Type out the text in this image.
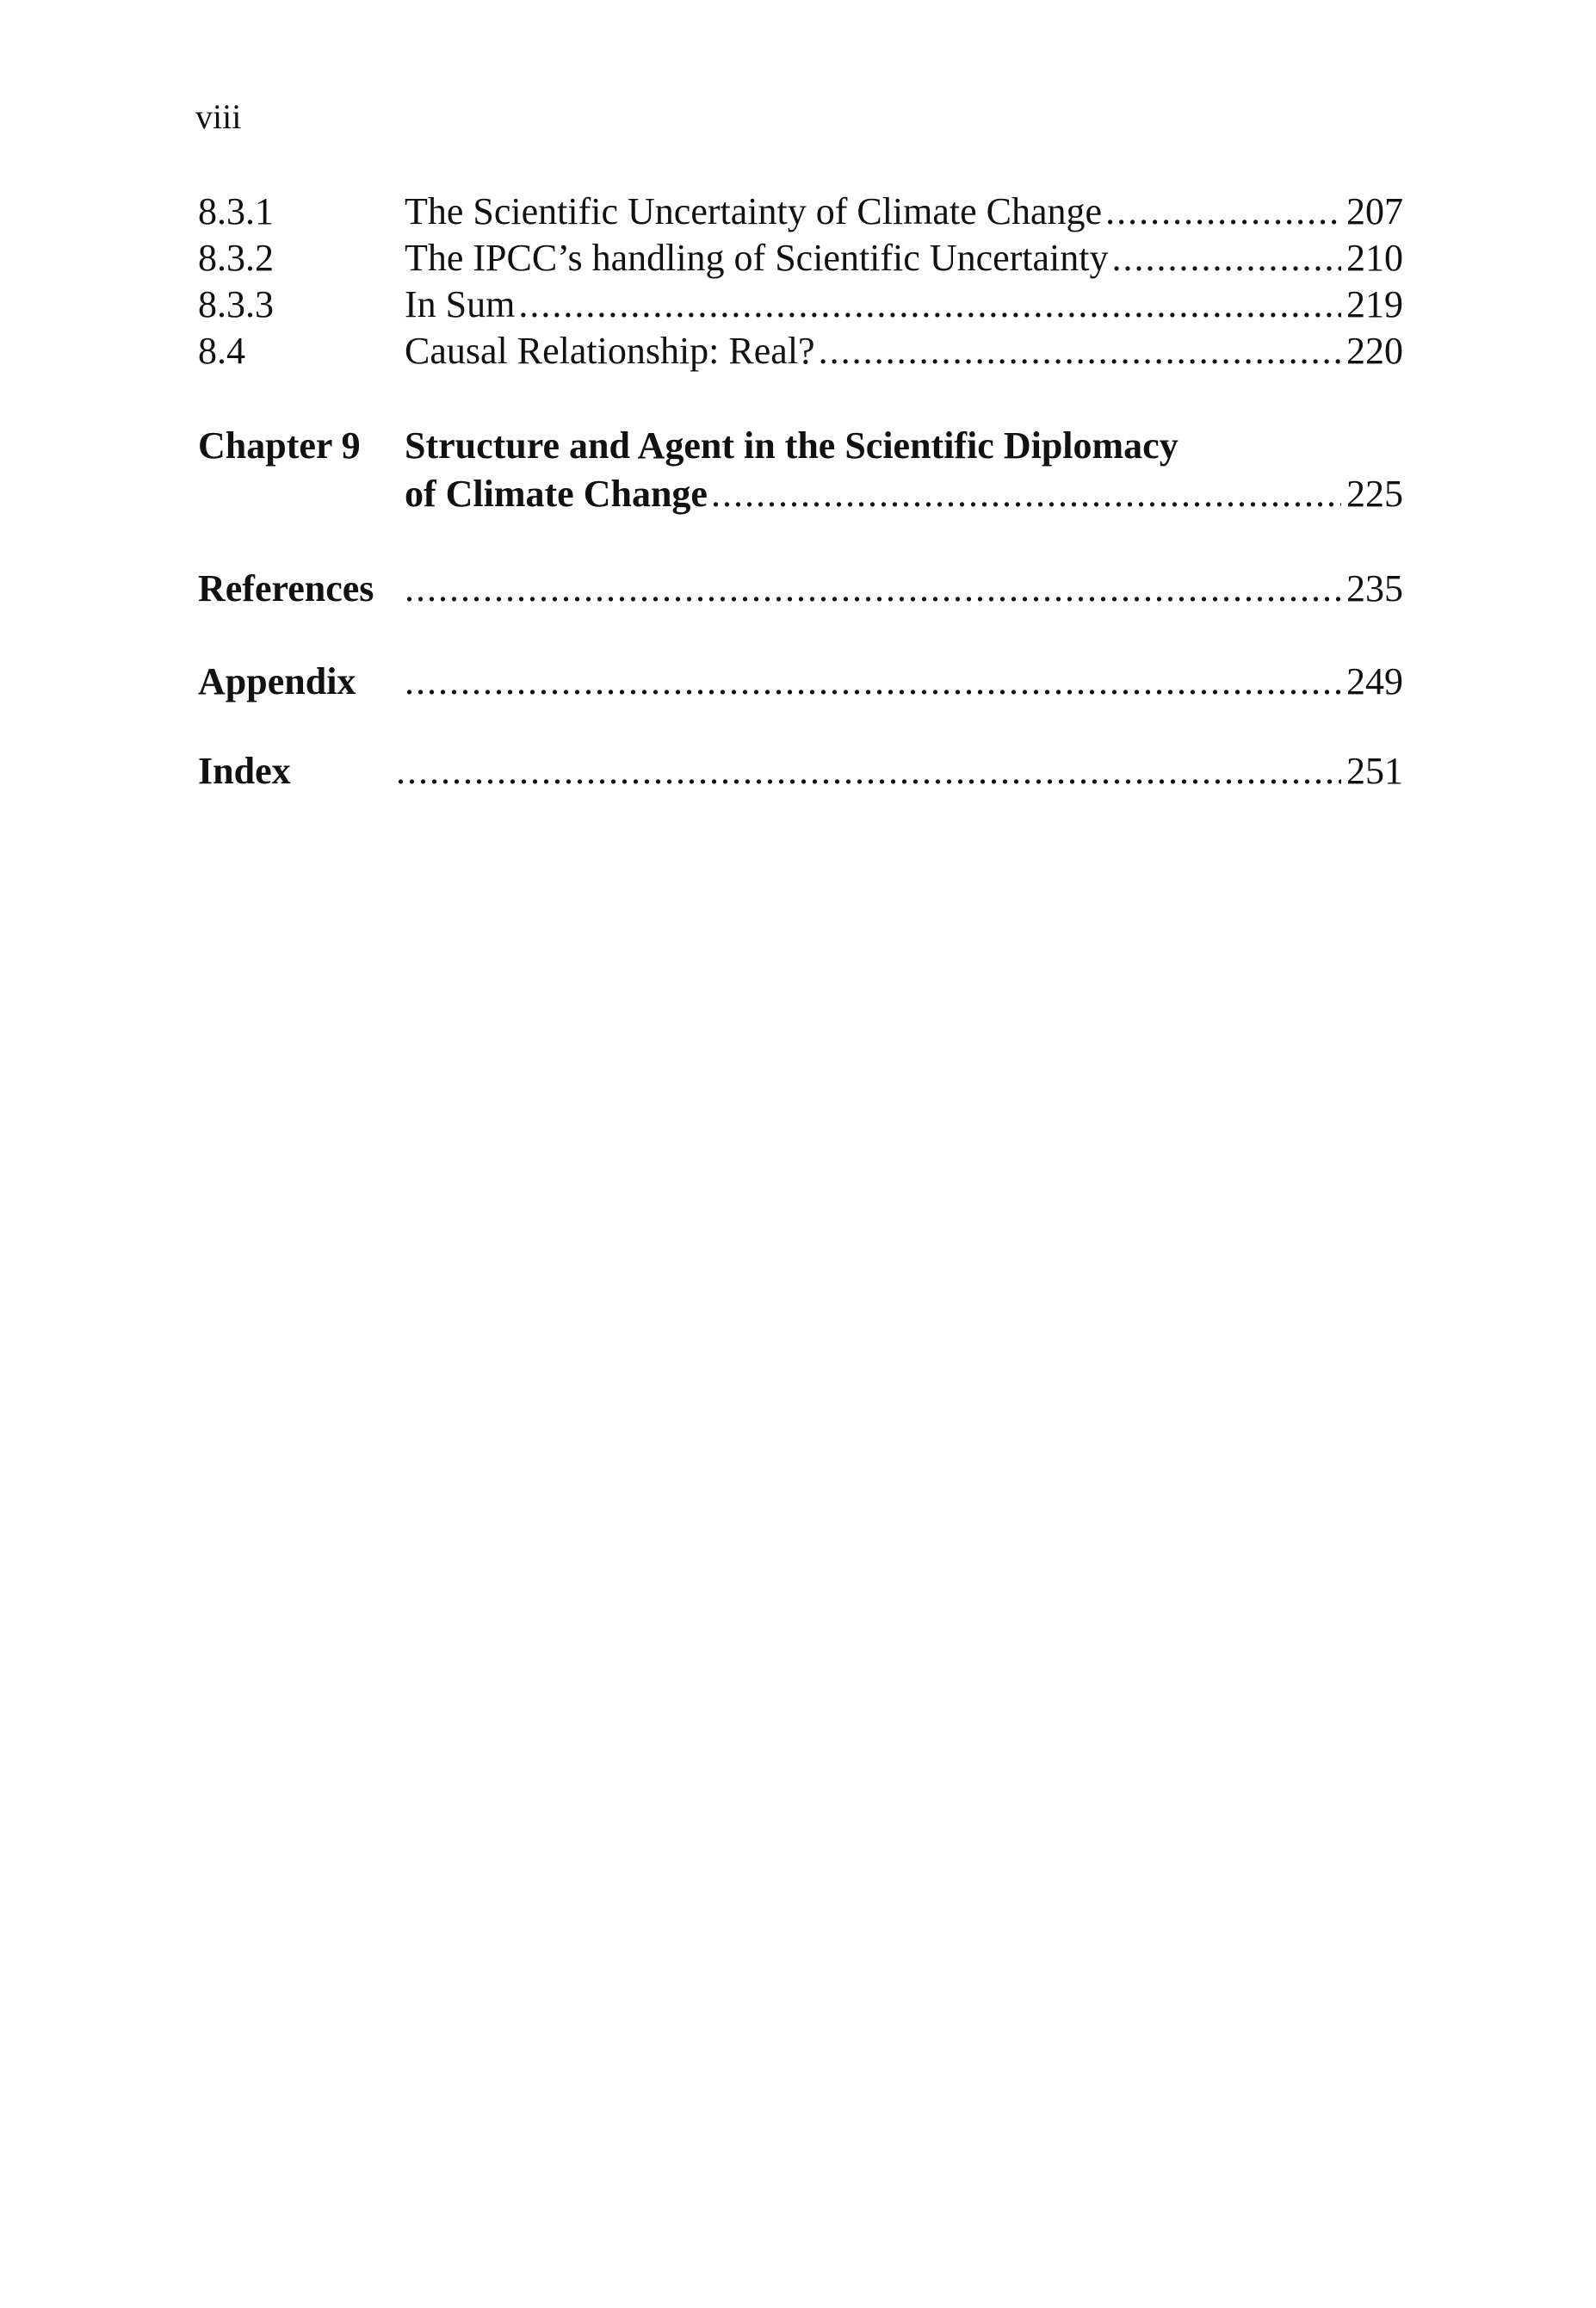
viii
8.3.1	The Scientific Uncertainty of Climate Change .....	207
8.3.2	The IPCC’s handling of Scientific Uncertainty .....	210
8.3.3	In Sum .....	219
8.4	Causal Relationship: Real? .....	220
Chapter 9 Structure and Agent in the Scientific Diplomacy
of Climate Change .....	225
References .....	235
Appendix .....	249
Index .....	251
